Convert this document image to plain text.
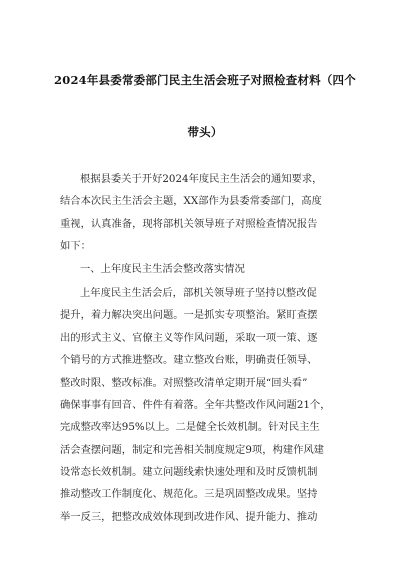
2024年县委常委部门民主生活会班子对照检查材料（四个
带头）
根据县委关于开好2024年度民主生活会的通知要求，
结合本次民主生活会主题，XX部作为县委常委部门，高度
重视，认真准备，现将部机关领导班子对照检查情况报告
如下：
一、上年度民主生活会整改落实情况
上年度民主生活会后，部机关领导班子坚持以整改促
提升，着力解决突出问题。一是抓实专项整治。紧盯查摆
出的形式主义、官僚主义等作风问题，采取一项一策、逐
个销号的方式推进整改。建立整改台账，明确责任领导、
整改时限、整改标准。对照整改清单定期开展“回头看”
确保事事有回音、件件有着落。全年共整改作风问题21个，
完成整改率达95%以上。二是健全长效机制。针对民主生
活会查摆问题，制定和完善相关制度规定9项，构建作风建
设常态长效机制。建立问题线索快速处理和及时反馈机制
推动整改工作制度化、规范化。三是巩固整改成果。坚持
举一反三，把整改成效体现到改进作风、提升能力、推动
